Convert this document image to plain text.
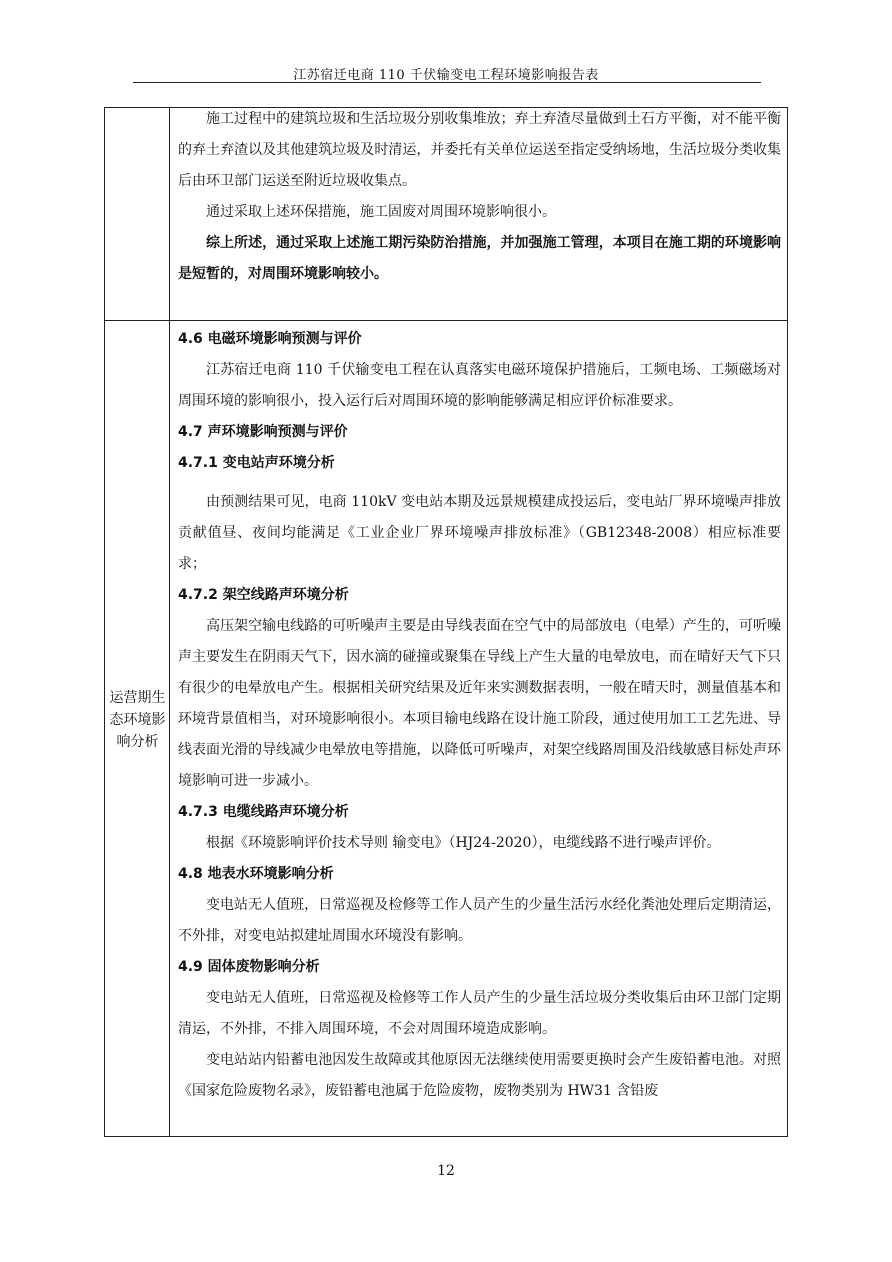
江苏宿迁电商 110 千伏输变电工程环境影响报告表

施工过程中的建筑垃圾和生活垃圾分别收集堆放；弃土弃渣尽量做到土石方平衡，对不能平衡的弃土弃渣以及其他建筑垃圾及时清运，并委托有关单位运送至指定受纳场地，生活垃圾分类收集后由环卫部门运送至附近垃圾收集点。

通过采取上述环保措施，施工固废对周围环境影响很小。

综上所述，通过采取上述施工期污染防治措施，并加强施工管理，本项目在施工期的环境影响是短暂的，对周围环境影响较小。

运营期生态环境影响分析

4.6 电磁环境影响预测与评价

江苏宿迁电商 110 千伏输变电工程在认真落实电磁环境保护措施后，工频电场、工频磁场对周围环境的影响很小，投入运行后对周围环境的影响能够满足相应评价标准要求。

4.7 声环境影响预测与评价

4.7.1 变电站声环境分析

由预测结果可见，电商 110kV 变电站本期及远景规模建成投运后，变电站厂界环境噪声排放贡献值昼、夜间均能满足《工业企业厂界环境噪声排放标准》（GB12348-2008）相应标准要求；

4.7.2 架空线路声环境分析

高压架空输电线路的可听噪声主要是由导线表面在空气中的局部放电（电晕）产生的，可听噪声主要发生在阴雨天气下，因水滴的碰撞或聚集在导线上产生大量的电晕放电，而在晴好天气下只有很少的电晕放电产生。根据相关研究结果及近年来实测数据表明，一般在晴天时，测量值基本和环境背景值相当，对环境影响很小。本项目输电线路在设计施工阶段，通过使用加工工艺先进、导线表面光滑的导线减少电晕放电等措施，以降低可听噪声，对架空线路周围及沿线敏感目标处声环境影响可进一步减小。

4.7.3 电缆线路声环境分析

根据《环境影响评价技术导则 输变电》（HJ24-2020），电缆线路不进行噪声评价。

4.8 地表水环境影响分析

变电站无人值班，日常巡视及检修等工作人员产生的少量生活污水经化粪池处理后定期清运，不外排，对变电站拟建址周围水环境没有影响。

4.9 固体废物影响分析

变电站无人值班，日常巡视及检修等工作人员产生的少量生活垃圾分类收集后由环卫部门定期清运，不外排，不排入周围环境，不会对周围环境造成影响。

变电站站内铅蓄电池因发生故障或其他原因无法继续使用需要更换时会产生废铅蓄电池。对照《国家危险废物名录》，废铅蓄电池属于危险废物，废物类别为 HW31 含铅废

12
